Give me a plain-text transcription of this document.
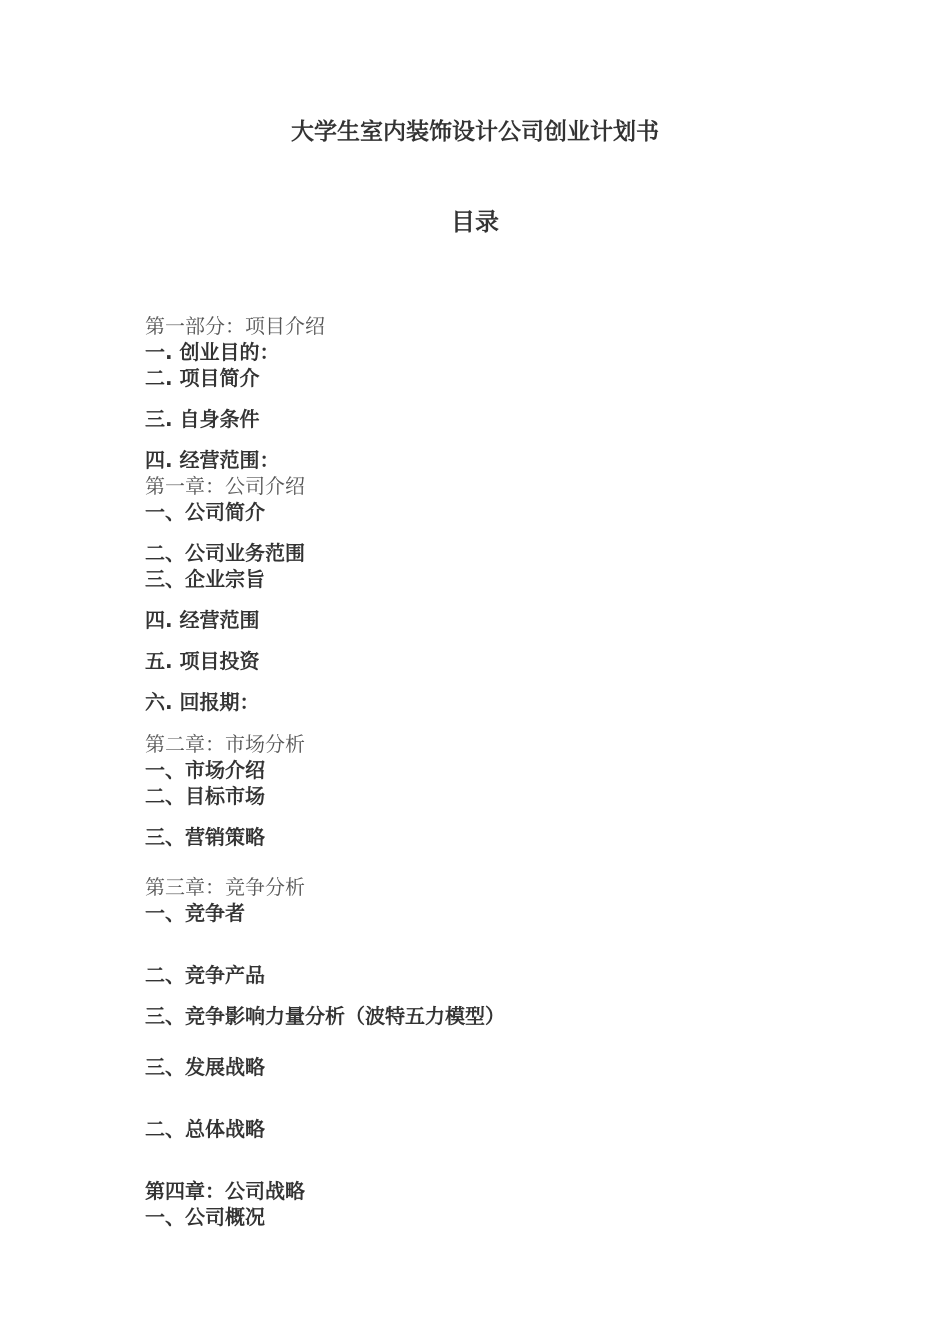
大学生室内装饰设计公司创业计划书
目录

第一部分：项目介绍

一. 创业目的：

二. 项目简介

三. 自身条件

四. 经营范围：

第一章：公司介绍

一、公司简介

二、公司业务范围

三、企业宗旨

四. 经营范围

五. 项目投资

六. 回报期：

第二章：市场分析

一、市场介绍

二、目标市场

三、营销策略

第三章：竞争分析

一、竞争者

二、竞争产品

三、竞争影响力量分析（波特五力模型）

三、发展战略

二、总体战略

第四章：公司战略

一、公司概况
